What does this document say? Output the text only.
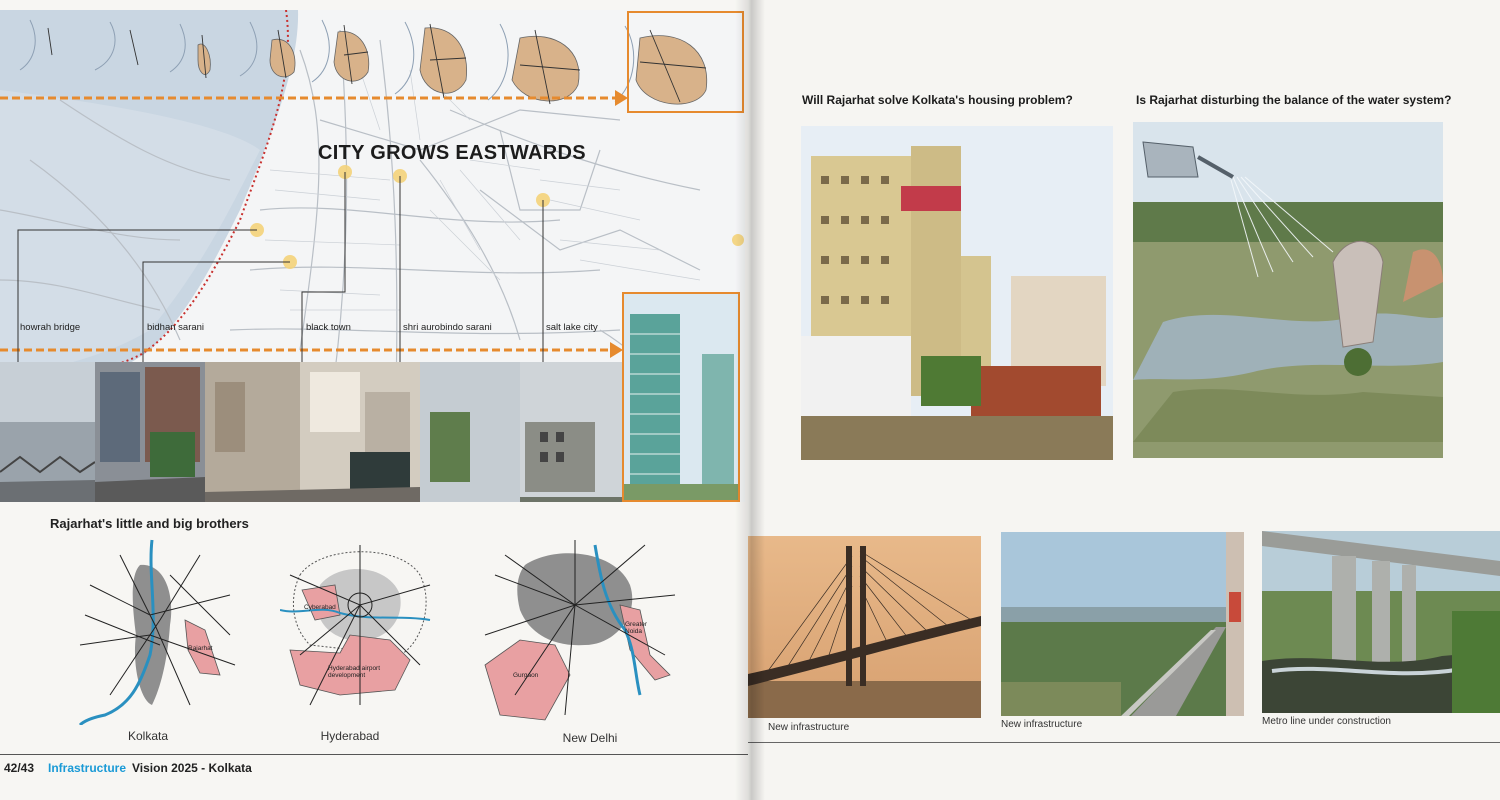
CITY GROWS EASTWARDS
howrah bridge	bidhan sarani	black town	shri aurobindo sarani	salt lake city
Rajarhat's little and big brothers
Rajarhat
Kolkata
Cyberabad
Hyderabad airport development
Hyderabad
Greater Noida
Gurgaon
New Delhi
42/43 Infrastructure Vision 2025 - Kolkata
Will Rajarhat solve Kolkata's housing problem?	Is Rajarhat disturbing the balance of the water system?
New infrastructure	New infrastructure	Metro line under construction
